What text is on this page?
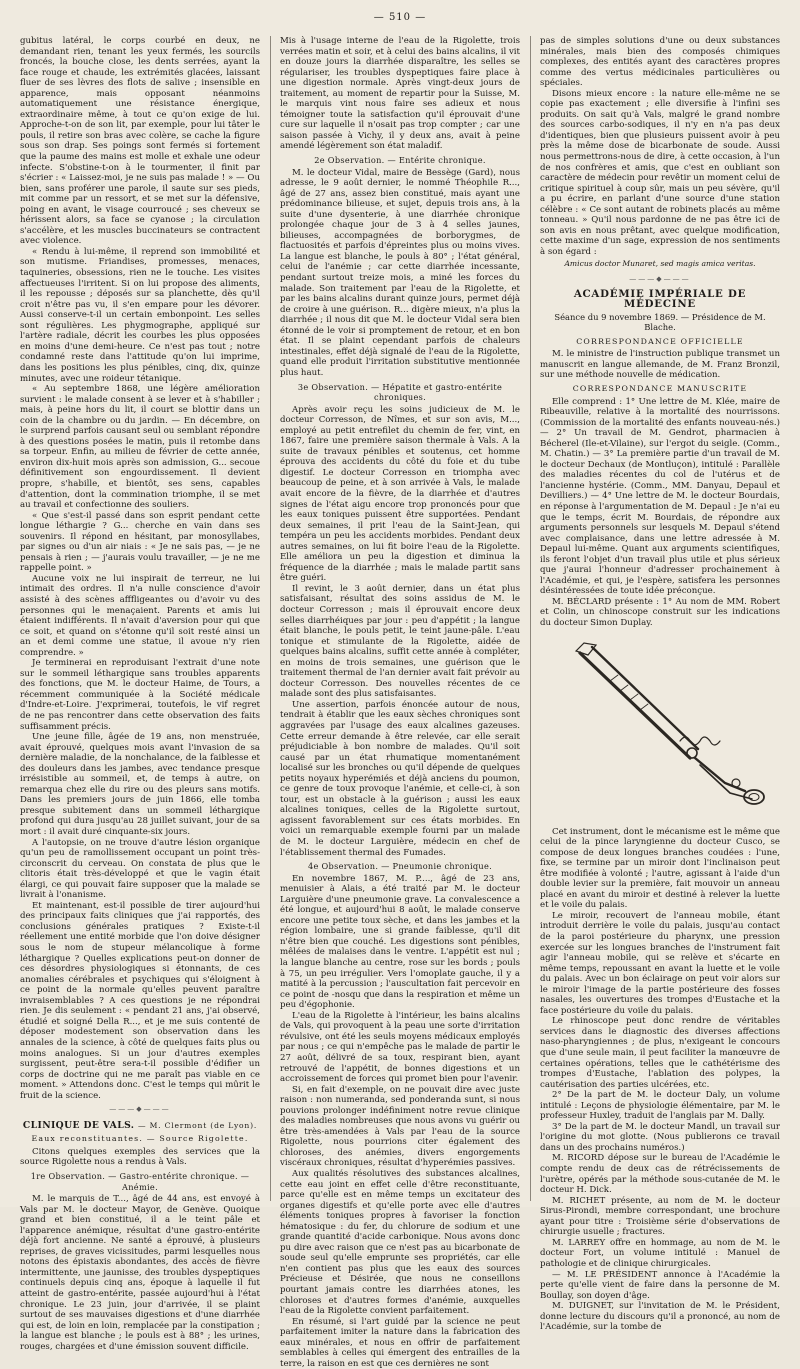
— 510 —

gubitus latéral, le corps courbé en deux, ne demandant rien, tenant les yeux fermés, les sourcils froncés, la bouche close, les dents serrées, ayant la face rouge et chaude, les extrémités glacées, laissant fluer de ses lèvres des flots de salive ; insensible en apparence, mais opposant néanmoins automatiquement une résistance énergique, extraordinaire même, à tout ce qu'on exige de lui. Approche-t-on de son lit, par exemple, pour lui tâter le pouls, il retire son bras avec colère, se cache la figure sous son drap. Ses poings sont fermés si fortement que la paume des mains est molle et exhale une odeur infecte. S'obstine-t-on à le tourmenter, il finit par s'écrier : « Laissez-moi, je ne suis pas malade ! » — Ou bien, sans proférer une parole, il saute sur ses pieds, mit comme par un ressort, et se met sur la défensive, poing en avant, le visage courroucé ; ses cheveux se hérissent alors, sa face se cyanose ; la circulation s'accélère, et les muscles buccinateurs se contractent avec violence.

« Rendu à lui-même, il reprend son immobilité et son mutisme. Friandises, promesses, menaces, taquineries, obsessions, rien ne le touche. Les visites affectueuses l'irritent. Si on lui propose des aliments, il les repousse ; déposés sur sa planchette, dès qu'il croit n'être pas vu, il s'en empare pour les dévorer. Aussi conserve-t-il un certain embonpoint. Les selles sont régulières. Les phygmographe, appliqué sur l'artère radiale, décrit les courbes les plus opposées en moins d'une demi-heure. Ce n'est pas tout ; notre condamné reste dans l'attitude qu'on lui imprime, dans les positions les plus pénibles, cinq, dix, quinze minutes, avec une roideur tétanique.

« Au septembre 1868, une légère amélioration survient : le malade consent à se lever et à s'habiller ; mais, à peine hors du lit, il court se blottir dans un coin de la chambre ou du jardin. — En décembre, on le surprend parfois causant seul ou semblant répondre à des questions posées le matin, puis il retombe dans sa torpeur. Enfin, au milieu de février de cette année, environ dix-huit mois après son admission, G... secoue définitivement son engourdissement. Il devient propre, s'habille, et bientôt, ses sens, capables d'attention, dont la commination triomphe, il se met au travail et confectionne des souliers.

« Que s'est-il passé dans son esprit pendant cette longue léthargie ? G... cherche en vain dans ses souvenirs. Il répond en hésitant, par monosyllabes, par signes ou d'un air niais : « Je ne sais pas, — je ne pensais à rien ; — j'aurais voulu travailler, — je ne me rappelle point. »

Aucune voix ne lui inspirait de terreur, ne lui intimait des ordres. Il n'a nulle conscience d'avoir assisté à des scènes afffligeantes ou d'avoir vu des personnes qui le menaçaient. Parents et amis lui étaient indifférents. Il n'avait d'aversion pour qui que ce soit, et quand on s'étonne qu'il soit resté ainsi un an et demi comme une statue, il avoue n'y rien comprendre. »

Je terminerai en reproduisant l'extrait d'une note sur le sommeil léthargique sans troubles apparents des fonctions, que M. le docteur Haime, de Tours, a récemment communiquée à la Société médicale d'Indre-et-Loire. J'exprimerai, toutefois, le vif regret de ne pas rencontrer dans cette observation des faits suffisamment précis.

Une jeune fille, âgée de 19 ans, non menstruée, avait éprouvé, quelques mois avant l'invasion de sa dernière maladie, de la nonchalance, de la faiblesse et des douleurs dans les jambes, avec tendance presque irrésistible au sommeil, et, de temps à autre, on remarqua chez elle du rire ou des pleurs sans motifs. Dans les premiers jours de juin 1866, elle tomba presque subitement dans un sommeil léthargique profond qui dura jusqu'au 28 juillet suivant, jour de sa mort : il avait duré cinquante-six jours.

A l'autopsie, on ne trouve d'autre lésion organique qu'un peu de ramollissement occupant un point très-circonscrit du cerveau. On constata de plus que le clitoris était très-développé et que le vagin était élargi, ce qui pouvait faire supposer que la malade se livrait à l'onanisme.

Et maintenant, est-il possible de tirer aujourd'hui des principaux faits cliniques que j'ai rapportés, des conclusions générales pratiques ? Existe-t-il réellement une entité morbide que l'on doive désigner sous le nom de stupeur mélancolique à forme léthargique ? Quelles explications peut-on donner de ces désordres physiologiques si étonnants, de ces anomalies cérébrales et psychiques qui s'éloignent à ce point de la normale qu'elles peuvent paraître invraisemblables ? A ces questions je ne répondrai rien. Je dis seulement : « pendant 21 ans, j'ai observé, étudié et soigné Della R..., et je me suis contenté de déposer modestement son observation dans les annales de la science, à côté de quelques faits plus ou moins analogues. Si un jour d'autres exemples surgissent, peut-être sera-t-il possible d'édifier un corps de doctrine qui ne me paraît pas viable en ce moment. » Attendons donc. C'est le temps qui mûrit le fruit de la science.

———◆———
CLINIQUE DE VALS. — M. Clermont (de Lyon).
Eaux reconstituantes. — Source Rigolette.

Citons quelques exemples des services que la source Rigolette nous a rendus à Vals.

1re Observation. — Gastro-entérite chronique. — Anémie.

M. le marquis de T..., âgé de 44 ans, est envoyé à Vals par M. le docteur Mayor, de Genève. Quoique grand et bien constitué, il a le teint pâle et l'apparence anémique, résultat d'une gastro-entérite déjà fort ancienne. Ne santé a éprouvé, à plusieurs reprises, de graves vicissitudes, parmi lesquelles nous notons des épistaxis abondantes, des accès de fièvre intermittente, une jaunisse, des troubles dyspeptiques continuels depuis cinq ans, époque à laquelle il fut atteint de gastro-entérite, passée aujourd'hui à l'état chronique. Le 23 juin, jour d'arrivée, il se plaint surtout de ses mauvaises digestions et d'une diarrhée qui est, de loin en loin, remplacée par la constipation ; la langue est blanche ; le pouls est à 88° ; les urines, rouges, chargées et d'une émission souvent difficile.

Mis à l'usage interne de l'eau de la Rigolette, trois verrées matin et soir, et à celui des bains alcalins, il vit en douze jours la diarrhée disparaître, les selles se régulariser, les troubles dyspeptiques faire place à une digestion normale. Après vingt-deux jours de traitement, au moment de repartir pour la Suisse, M. le marquis vint nous faire ses adieux et nous témoigner toute la satisfaction qu'il éprouvait d'une cure sur laquelle il n'osait pas trop compter ; car une saison passée à Vichy, il y deux ans, avait à peine amendé légèrement son état maladif.

2e Observation. — Entérite chronique.

M. le docteur Vidal, maire de Bessège (Gard), nous adresse, le 9 août dernier, le nommé Théophile R..., âgé de 27 ans, assez bien constitué, mais ayant une prédominance bilieuse, et sujet, depuis trois ans, à la suite d'une dysenterie, à une diarrhée chronique prolongée chaque jour de 3 à 4 selles jaunes, bilieuses, accompagnées de borborygmes, de flactuosités et parfois d'épreintes plus ou moins vives. La langue est blanche, le pouls à 80° ; l'état général, celui de l'anémie ; car cette diarrhée incessante, pendant surtout treize mois, a miné les forces du malade. Son traitement par l'eau de la Rigolette, et par les bains alcalins durant quinze jours, permet déjà de croire à une guérison. R... digère mieux, n'a plus la diarrhée ; il nous dit que M. le docteur Vidal sera bien étonné de le voir si promptement de retour, et en bon état. Il se plaint cependant parfois de chaleurs intestinales, effet déjà signalé de l'eau de la Rigolette, quand elle produit l'irritation substitutive mentionnée plus haut.

3e Observation. — Hépatite et gastro-entérite chroniques.

Après avoir reçu les soins judicieux de M. le docteur Corresson, de Nîmes, et sur son avis, M..., employé au petit entrefilet du chemin de fer, vint, en 1867, faire une première saison thermale à Vals. A la suite de travaux pénibles et soutenus, cet homme éprouva des accidents du côté du foie et du tube digestif. Le docteur Corresson en triompha avec beaucoup de peine, et à son arrivée à Vals, le malade avait encore de la fièvre, de la diarrhée et d'autres signes de l'état aigu encore trop prononcés pour que les eaux toniques puissent être supportées. Pendant deux semaines, il prit l'eau de la Saint-Jean, qui tempéra un peu les accidents morbides. Pendant deux autres semaines, on lui fit boire l'eau de la Rigolette. Elle améliora un peu la digestion et diminua la fréquence de la diarrhée ; mais le malade partit sans être guéri.

Il revint, le 3 août dernier, dans un état plus satisfaisant, résultat des soins assidus de M. le docteur Corresson ; mais il éprouvait encore deux selles diarrhéiques par jour : peu d'appétit ; la langue était blanche, le pouls petit, le teint jaune-pâle. L'eau tonique et stimulante de la Rigolette, aidée de quelques bains alcalins, suffit cette année à compléter, en moins de trois semaines, une guérison que le traitement thermal de l'an dernier avait fait prévoir au docteur Corresson. Des nouvelles récentes de ce malade sont des plus satisfaisantes.

Une assertion, parfois énoncée autour de nous, tendrait à établir que les eaux sèches chroniques sont aggravées par l'usage des eaux alcalines gazeuses. Cette erreur demande à être relevée, car elle serait préjudiciable à bon nombre de malades. Qu'il soit causé par un état rhumatique momentanément localisé sur les bronches ou qu'il dépende de quelques petits noyaux hyperémiés et déjà anciens du poumon, ce genre de toux provoque l'anémie, et celle-ci, à son tour, est un obstacle à la guérison ; aussi les eaux alcalines toniques, celles de la Rigolette surtout, agissent favorablement sur ces états morbides. En voici un remarquable exemple fourni par un malade de M. le docteur Larguière, médecin en chef de l'établissement thermal des Fumades.

4e Observation. — Pneumonie chronique.

En novembre 1867, M. P...., âgé de 23 ans, menuisier à Alais, a été traité par M. le docteur Larguière d'une pneumonie grave. La convalescence a été longue, et aujourd'hui 8 août, le malade conserve encore une petite toux sèche, et dans les jambes et la région lombaire, une si grande faiblesse, qu'il dit n'être bien que couché. Les digestions sont pénibles, mêlées de malaises dans le ventre. L'appétit est nul ; la langue blanche au centre, rose sur les bords ; pouls à 75, un peu irrégulier. Vers l'omoplate gauche, il y a matité à la percussion ; l'auscultation fait percevoir en ce point de -nosqu que dans la respiration et même un peu d'égophonie.

L'eau de la Rigolette à l'intérieur, les bains alcalins de Vals, qui provoquent à la peau une sorte d'irritation révulsive, ont été les seuls moyens médicaux employés par nous ; ce qui n'empêche pas le malade de partir le 27 août, délivré de sa toux, respirant bien, ayant retrouvé de l'appétit, de bonnes digestions et un accroissement de forces qui promet bien pour l'avenir.

Si, en fait d'exemple, on ne pouvait dire avec juste raison : non numeranda, sed ponderanda sunt, si nous pouvions prolonger indéfiniment notre revue clinique des maladies nombreuses que nous avons vu guérir ou être très-amendées à Vals par l'eau de la source Rigolette, nous pourrions citer également des chloroses, des anémies, divers engorgements viscéraux chroniques, résultat d'hyperémies passives.

Aux qualités résolutives des substances alcalines, cette eau joint en effet celle d'être reconstituante, parce qu'elle est en même temps un excitateur des organes digestifs et qu'elle porte avec elle d'autres éléments toniques propres à favoriser la fonction hématosique : du fer, du chlorure de sodium et une grande quantité d'acide carbonique. Nous avons donc pu dire avec raison que ce n'est pas au bicarbonate de soude seul qu'elle emprunte ses propriétés, car elle n'en contient pas plus que les eaux des sources Précieuse et Désirée, que nous ne conseillons pourtant jamais contre les diarrhées atones, les chloroses et d'autres formes d'anémie, auxquelles l'eau de la Rigolette convient parfaitement.

En résumé, si l'art guidé par la science ne peut parfaitement imiter la nature dans la fabrication des eaux minérales, et nous en offrir de parfaitement semblables à celles qui émergent des entrailles de la terre, la raison en est que ces dernières ne sont

pas de simples solutions d'une ou deux substances minérales, mais bien des composés chimiques complexes, des entités ayant des caractères propres comme des vertus médicinales particulières ou spéciales.

Disons mieux encore : la nature elle-même ne se copie pas exactement ; elle diversifie à l'infini ses produits. On sait qu'à Vals, malgré le grand nombre des sources carbo-sodiques, il n'y en n'a pas deux d'identiques, bien que plusieurs puissent avoir à peu près la même dose de bicarbonate de soude. Aussi nous permettrons-nous de dire, à cette occasion, à l'un de nos confrères et amis, que c'est en oubliant son caractère de médecin pour revêtir un moment celui de critique spirituel à coup sûr, mais un peu sévère, qu'il a pu écrire, en parlant d'une source d'une station célèbre : « Ce sont autant de robinets placés au même tonneau. » Qu'il nous pardonne de ne pas être ici de son avis en nous prêtant, avec quelque modification, cette maxime d'un sage, expression de nos sentiments à son égard :

Amicus doctor Munaret, sed magis amica veritas.
———◆———
ACADÉMIE IMPÉRIALE DE MÉDECINE
Séance du 9 novembre 1869. — Présidence de M. Blache.
CORRESPONDANCE OFFICIELLE

M. le ministre de l'instruction publique transmet un manuscrit en langue allemande, de M. Franz Bronzil, sur une méthode nouvelle de médication.

CORRESPONDANCE MANUSCRITE

Elle comprend : 1° Une lettre de M. Klée, maire de Ribeauville, relative à la mortalité des nourrissons. (Commission de la mortalité des enfants nouveau-nés.) — 2° Un travail de M. Gendrot, pharmacien à Bécherel (Ile-et-Vilaine), sur l'ergot du seigle. (Comm., M. Chatin.) — 3° La première partie d'un travail de M. le docteur Dechaux (de Montluçon), intitulé : Parallèle des maladies récentes du col de l'utérus et de l'ancienne hystérie. (Comm., MM. Danyau, Depaul et Devilliers.) — 4° Une lettre de M. le docteur Bourdais, en réponse à l'argumentation de M. Depaul : Je n'ai eu que le temps, écrit M. Bourdais, de répondre aux arguments personnels sur lesquels M. Depaul s'étend avec complaisance, dans une lettre adressée à M. Depaul lui-même. Quant aux arguments scientifiques, ils feront l'objet d'un travail plus utile et plus sérieux que j'aurai l'honneur d'adresser prochainement à l'Académie, et qui, je l'espère, satisfera les personnes désintéressées de toute idée préconçue.

M. BÉCLARD présente : 1° Au nom de MM. Robert et Colin, un chinoscope construit sur les indications du docteur Simon Duplay.

Cet instrument, dont le mécanisme est le même que celui de la pince laryngienne du docteur Cusco, se compose de deux longues branches coudées : l'une, fixe, se termine par un miroir dont l'inclinaison peut être modifiée à volonté ; l'autre, agissant à l'aide d'un double levier sur la première, fait mouvoir un anneau placé en avant du miroir et destiné à relever la luette et le voile du palais.

Le miroir, recouvert de l'anneau mobile, étant introduit derrière le voile du palais, jusqu'au contact de la paroi postérieure du pharynx, une pression exercée sur les longues branches de l'instrument fait agir l'anneau mobile, qui se relève et s'écarte en même temps, repoussant en avant la luette et le voile du palais. Avec un bon éclairage on peut voir alors sur le miroir l'image de la partie postérieure des fosses nasales, les ouvertures des trompes d'Eustache et la face postérieure du voile du palais.

Le rhinoscope peut donc rendre de véritables services dans le diagnostic des diverses affections naso-pharyngiennes ; de plus, n'exigeant le concours que d'une seule main, il peut faciliter la manœuvre de certaines opérations, telles que le cathétérisme des trompes d'Eustache, l'ablation des polypes, la cautérisation des parties ulcérées, etc.

2° De la part de M. le docteur Daly, un volume intitulé : Leçons de physiologie élémentaire, par M. le professeur Huxley, traduit de l'anglais par M. Dally.

3° De la part de M. le docteur Mandl, un travail sur l'origine du mot glotte. (Nous publierons ce travail dans un des prochains numéros.)

M. RICORD dépose sur le bureau de l'Académie le compte rendu de deux cas de rétrécissements de l'urètre, opérés par la méthode sous-cutanée de M. le docteur H. Dick.

M. RICHET présente, au nom de M. le docteur Sirus-Pirondi, membre correspondant, une brochure ayant pour titre : Troisième série d'observations de chirurgie usuelle ; fractures.

M. LARREY offre en hommage, au nom de M. le docteur Fort, un volume intitulé : Manuel de pathologie et de clinique chirurgicales.

— M. LE PRÉSIDENT annonce à l'Académie la perte qu'elle vient de faire dans la personne de M. Boullay, son doyen d'âge.

M. DUIGNET, sur l'invitation de M. le Président, donne lecture du discours qu'il a prononcé, au nom de l'Académie, sur la tombe de
